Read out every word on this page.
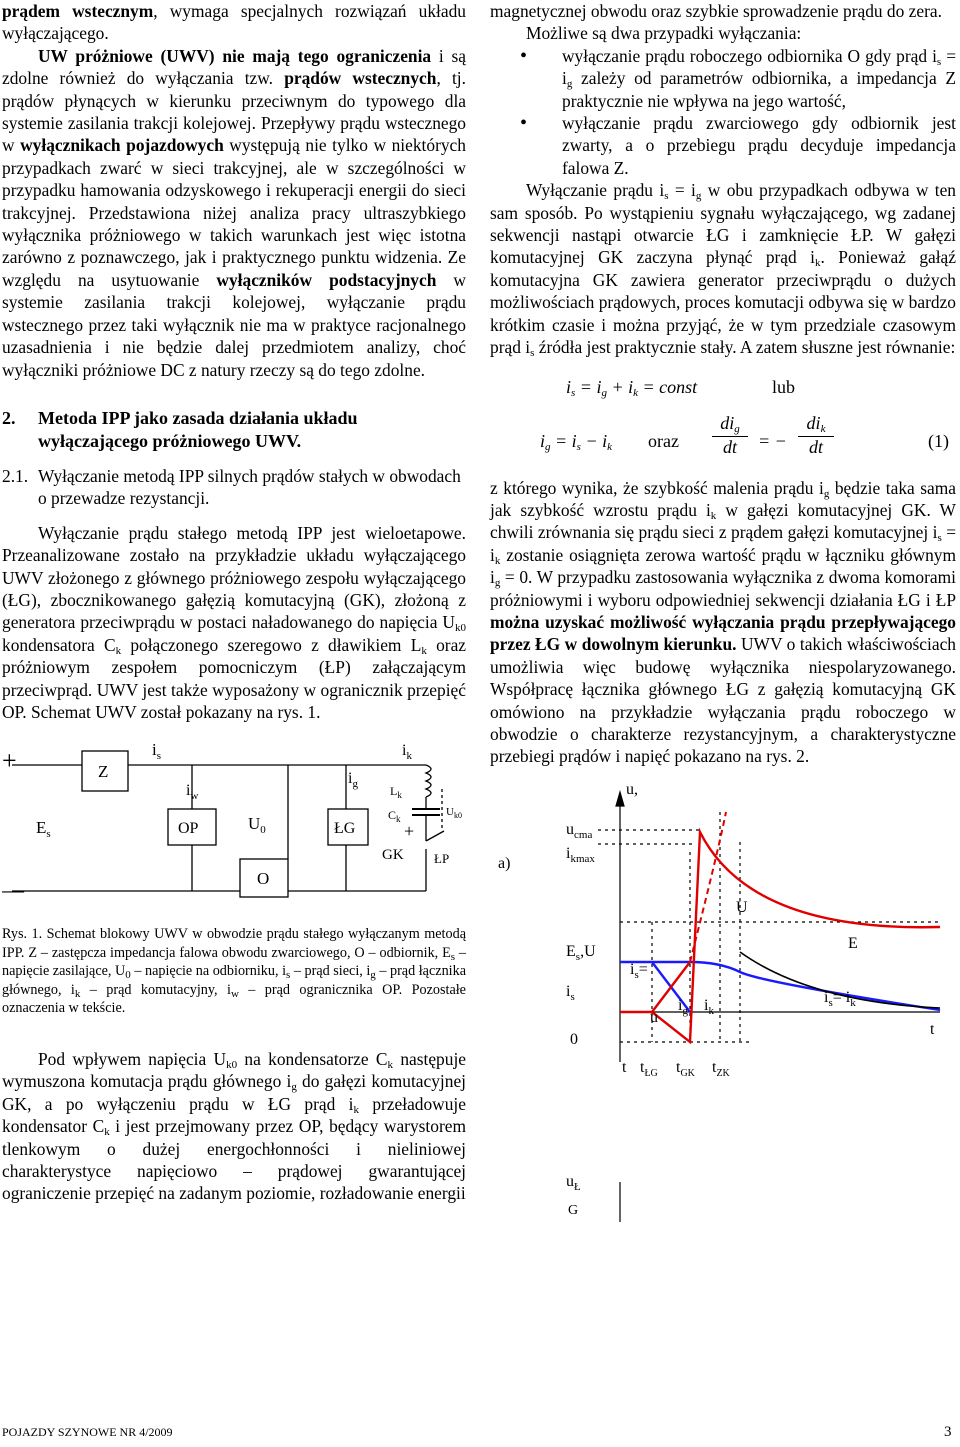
prądem wstecznym, wymaga specjalnych rozwiązań układu wyłączającego.

UW próżniowe (UWV) nie mają tego ograniczenia i są zdolne również do wyłączania tzw. prądów wstecznych, tj. prądów płynących w kierunku przeciwnym do typowego dla systemie zasilania trakcji kolejowej. Przepływy prądu wstecznego w wyłącznikach pojazdowych występują nie tylko w niektórych przypadkach zwarć w sieci trakcyjnej, ale w szczególności w przypadku hamowania odzyskowego i rekuperacji energii do sieci trakcyjnej. Przedstawiona niżej analiza pracy ultraszybkiego wyłącznika próżniowego w takich warunkach jest więc istotna zarówno z poznawczego, jak i praktycznego punktu widzenia. Ze względu na usytuowanie wyłączników podstacyjnych w systemie zasilania trakcji kolejowej, wyłączanie prądu wstecznego przez taki wyłącznik nie ma w praktyce racjonalnego uzasadnienia i nie będzie dalej przedmiotem analizy, choć wyłączniki próżniowe DC z natury rzeczy są do tego zdolne.

2. Metoda IPP jako zasada działania układu wyłączającego próżniowego UWV.
2.1. Wyłączanie metodą IPP silnych prądów stałych w obwodach o przewadze rezystancji.

Wyłączanie prądu stałego metodą IPP jest wieloetapowe. Przeanalizowane zostało na przykładzie układu wyłączającego UWV złożonego z głównego próżniowego zespołu wyłączającego (ŁG), zbocznikowanego gałęzią komutacyjną (GK), złożoną z generatora przeciwprądu w postaci naładowanego do napięcia $U_{k0}$ kondensatora $C_k$ połączonego szeregowo z dławikiem $L_k$ oraz próżniowym zespołem pomocniczym (ŁP) załączającym przeciwprąd. UWV jest także wyposażony w ogranicznik przepięć OP. Schemat UWV został pokazany na rys. 1.

+
—
$E_s$
Z
$i_s$
$i_w$
OP	$U_0$
O
$i_g$
ŁG
$i_k$
$L_k$
$C_k$
$U_{k0}$
+
GK ŁP

Rys. 1. Schemat blokowy UWV w obwodzie prądu stałego wyłączanym metodą IPP. Z – zastępcza impedancja falowa obwodu zwarciowego, O – odbiornik, $E_s$ – napięcie zasilające, $U_0$ – napięcie na odbiorniku, $i_s$ – prąd sieci, $i_g$ – prąd łącznika głównego, $i_k$ – prąd komutacyjny, $i_w$ – prąd ogranicznika OP. Pozostałe oznaczenia w tekście.

Pod wpływem napięcia $U_{k0}$ na kondensatorze $C_k$ następuje wymuszona komutacja prądu głównego $i_g$ do gałęzi komutacyjnej GK, a po wyłączeniu prądu w ŁG prąd $i_k$ przeładowuje kondensator $C_k$ i jest przejmowany przez OP, będący warystorem tlenkowym o dużej energochłonności i nieliniowej charakterystyce napięciowo – prądowej gwarantującej ograniczenie przepięć na zadanym poziomie, rozładowanie energii

magnetycznej obwodu oraz szybkie sprowadzenie prądu do zera.

Możliwe są dwa przypadki wyłączania:

• wyłączanie prądu roboczego odbiornika O gdy prąd $i_s = i_g$ zależy od parametrów odbiornika, a impedancja Z praktycznie nie wpływa na jego wartość,
• wyłączanie prądu zwarciowego gdy odbiornik jest zwarty, a o przebiegu prądu decyduje impedancja falowa Z.

Wyłączanie prądu $i_s = i_g$ w obu przypadkach odbywa w ten sam sposób. Po wystąpieniu sygnału wyłączającego, wg zadanej sekwencji nastąpi otwarcie ŁG i zamknięcie ŁP. W gałęzi komutacyjnej GK zaczyna płynąć prąd $i_k$. Ponieważ gałąź komutacyjna GK zawiera generator przeciwprądu o dużych możliwościach prądowych, proces komutacji odbywa się w bardzo krótkim czasie i można przyjąć, że w tym przedziale czasowym prąd $i_s$ źródła jest praktycznie stały. A zatem słuszne jest równanie:

$i_s = i_g + i_k$ = const	lub
$i_g = i_s - i_k$ oraz
$di_g$
dt	= −
$di_k$
dt	(1)

z którego wynika, że szybkość malenia prądu $i_g$ będzie taka sama jak szybkość wzrostu prądu $i_k$ w gałęzi komutacyjnej GK. W chwili zrównania się prądu sieci z prądem gałęzi komutacyjnej $i_s = i_k$ zostanie osiągnięta zerowa wartość prądu w łączniku głównym $i_g = 0$. W przypadku zastosowania wyłącznika z dwoma komorami próżniowymi i wyboru odpowiedniej sekwencji działania ŁG i ŁP można uzyskać możliwość wyłączania prądu przepływającego przez ŁG w dowolnym kierunku. UWV o takich właściwościach umożliwia więc budowę wyłącznika niespolaryzowanego. Współpracę łącznika głównego ŁG z gałęzią komutacyjną GK omówiono na przykładzie wyłączania prądu roboczego w obwodzie o charakterze rezystancyjnym, a charakterystyczne przebiegi prądów i napięć pokazano na rys. 2.

a)
u,
$u_{cma}$
$i_{kmax}$
$E_s,U$
$i_s=$
$i_s$
U
E
$i_s= i_k$
u
$i_g$ $i_k$
0
t
t $t_{ŁG}$ $t_{GK}$ $t_{ZK}$
$u_Ł$
G
POJAZDY SZYNOWE NR 4/2009	3
